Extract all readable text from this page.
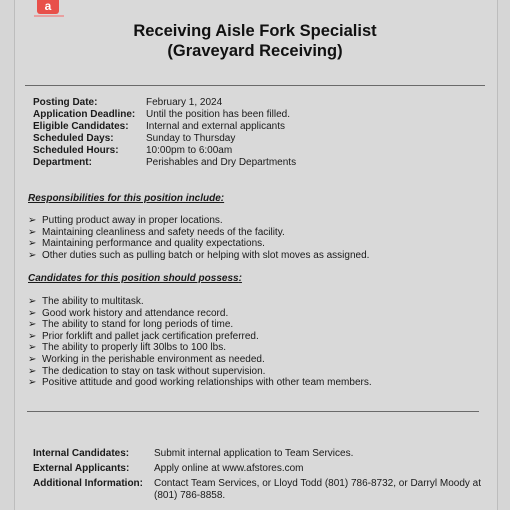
a
Receiving Aisle Fork Specialist
(Graveyard Receiving)
Posting Date:	February 1, 2024
Application Deadline:	Until the position has been filled.
Eligible Candidates:	Internal and external applicants
Scheduled Days:	Sunday to Thursday
Scheduled Hours:	10:00pm to 6:00am
Department:	Perishables and Dry Departments
Responsibilities for this position include:
➢ Putting product away in proper locations.
➢ Maintaining cleanliness and safety needs of the facility.
➢ Maintaining performance and quality expectations.
➢ Other duties such as pulling batch or helping with slot moves as assigned.
Candidates for this position should possess:
➢ The ability to multitask.
➢ Good work history and attendance record.
➢ The ability to stand for long periods of time.
➢ Prior forklift and pallet jack certification preferred.
➢ The ability to properly lift 30lbs to 100 lbs.
➢ Working in the perishable environment as needed.
➢ The dedication to stay on task without supervision.
➢ Positive attitude and good working relationships with other team members.
Internal Candidates:	Submit internal application to Team Services.
External Applicants:	Apply online at www.afstores.com
Additional Information:	Contact Team Services, or Lloyd Todd (801) 786-8732, or Darryl Moody at (801) 786-8858.
